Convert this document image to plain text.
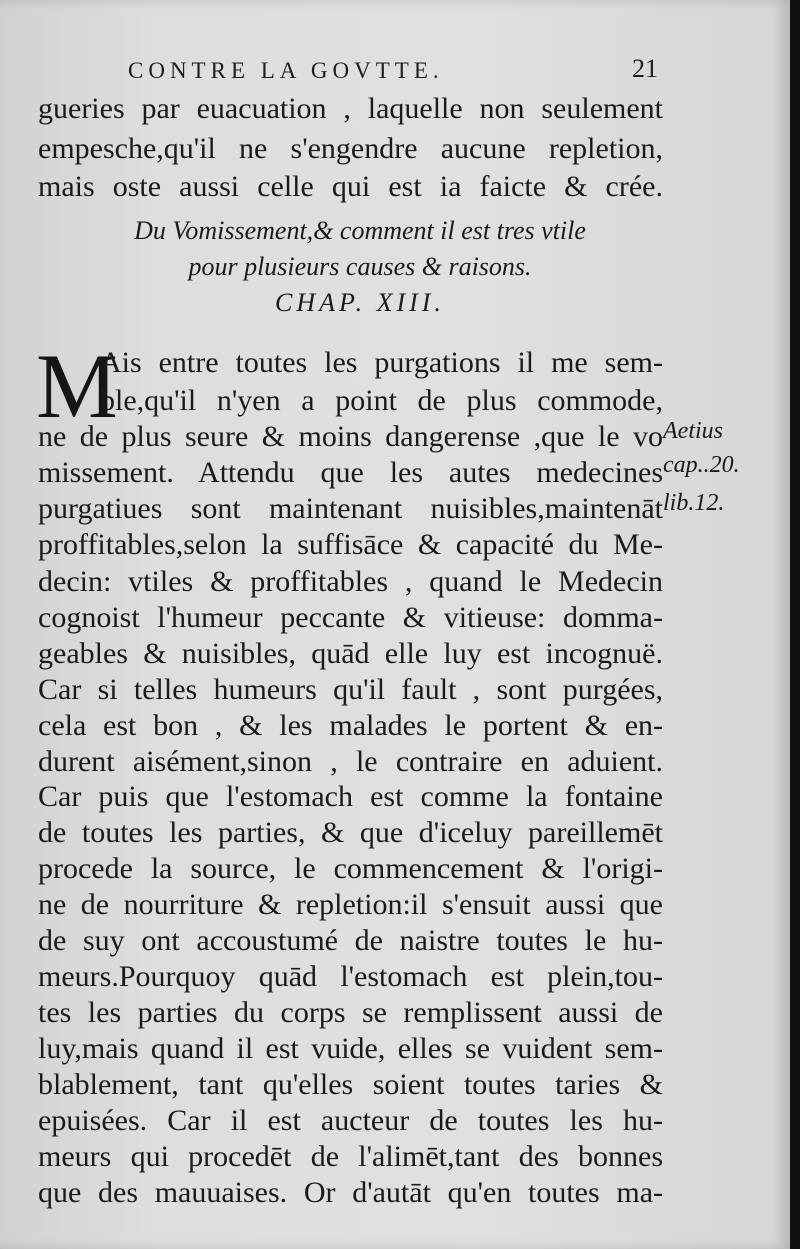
CONTRE LA GOVTTE.	21
gueries par euacuation , laquelle non seulement
empesche,qu'il ne s'engendre aucune repletion,
mais oste aussi celle qui est ia faicte & crée.
Du Vomissement,& comment il est tres vtile
pour plusieurs causes & raisons.
CHAP. XIII.
M
Ais entre toutes les purgations il me sem-
ble,qu'il n'yen a point de plus commode,
ne de plus seure & moins dangerense ,que le vo
missement. Attendu que les autes medecines
purgatiues sont maintenant nuisibles,maintenāt
proffitables,selon la suffisāce & capacité du Me-
decin: vtiles & proffitables , quand le Medecin
cognoist l'humeur peccante & vitieuse: domma-
geables & nuisibles, quād elle luy est incognuë.
Car si telles humeurs qu'il fault , sont purgées,
cela est bon , & les malades le portent & en-
durent aisément,sinon , le contraire en aduient.
Car puis que l'estomach est comme la fontaine
de toutes les parties, & que d'iceluy pareillemēt
procede la source, le commencement & l'origi-
ne de nourriture & repletion:il s'ensuit aussi que
de suy ont accoustumé de naistre toutes le hu-
meurs.Pourquoy quād l'estomach est plein,tou-
tes les parties du corps se remplissent aussi de
luy,mais quand il est vuide, elles se vuident sem-
blablement, tant qu'elles soient toutes taries &
epuisées. Car il est aucteur de toutes les hu-
meurs qui procedēt de l'alimēt,tant des bonnes
que des mauuaises. Or d'autāt qu'en toutes ma-
Aetius
cap..20.
lib.12.
